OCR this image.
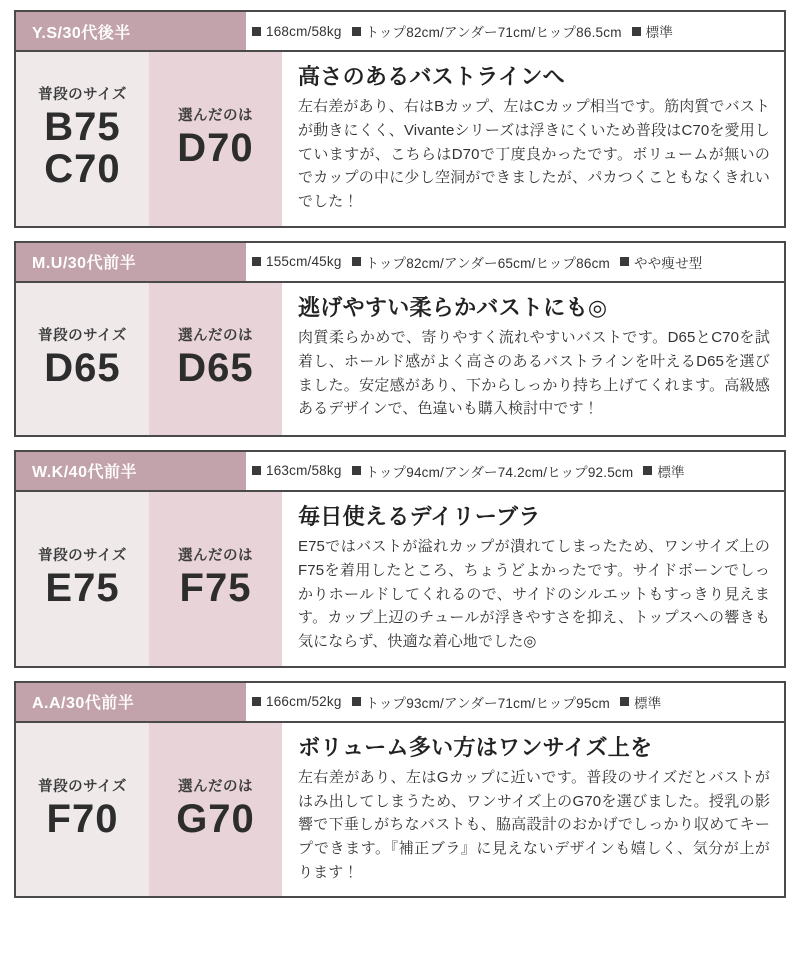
Y.S/30代後半	168cm/58kg トップ82cm/アンダー71cm/ヒップ86.5cm 標準
普段のサイズ
B75
C70
選んだのは
D70
高さのあるバストラインへ

左右差があり、右はBカップ、左はCカップ相当です。筋肉質でバストが動きにくく、Vivanteシリーズは浮きにくいため普段はC70を愛用していますが、こちらはD70で丁度良かったです。ボリュームが無いのでカップの中に少し空洞ができましたが、パカつくこともなくきれいでした！

M.U/30代前半	155cm/45kg トップ82cm/アンダー65cm/ヒップ86cm やや痩せ型
普段のサイズ
D65
選んだのは
D65
逃げやすい柔らかバストにも◎

肉質柔らかめで、寄りやすく流れやすいバストです。D65とC70を試着し、ホールド感がよく高さのあるバストラインを叶えるD65を選びました。安定感があり、下からしっかり持ち上げてくれます。高級感あるデザインで、色違いも購入検討中です！

W.K/40代前半	163cm/58kg トップ94cm/アンダー74.2cm/ヒップ92.5cm 標準
普段のサイズ
E75
選んだのは
F75
毎日使えるデイリーブラ

E75ではバストが溢れカップが潰れてしまったため、ワンサイズ上のF75を着用したところ、ちょうどよかったです。サイドボーンでしっかりホールドしてくれるので、サイドのシルエットもすっきり見えます。カップ上辺のチュールが浮きやすさを抑え、トップスへの響きも気にならず、快適な着心地でした◎

A.A/30代前半	166cm/52kg トップ93cm/アンダー71cm/ヒップ95cm 標準
普段のサイズ
F70
選んだのは
G70
ボリューム多い方はワンサイズ上を

左右差があり、左はGカップに近いです。普段のサイズだとバストがはみ出してしまうため、ワンサイズ上のG70を選びました。授乳の影響で下垂しがちなバストも、脇高設計のおかげでしっかり収めてキープできます。『補正ブラ』に見えないデザインも嬉しく、気分が上がります！
